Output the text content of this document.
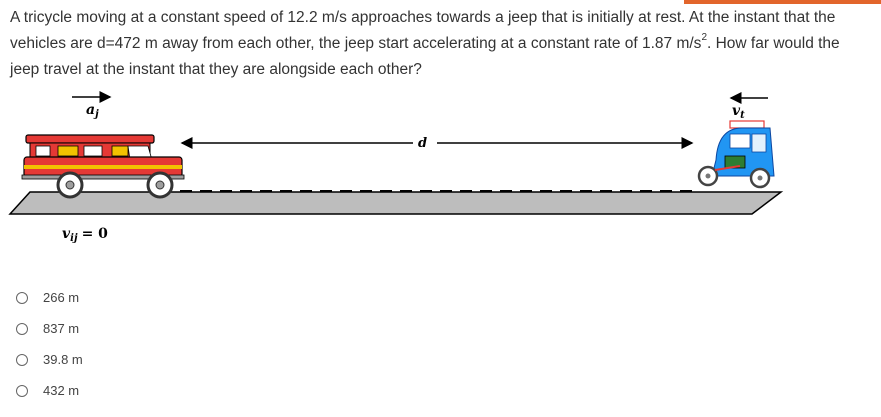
A tricycle moving at a constant speed of 12.2 m/s approaches towards a jeep that is initially at rest. At the instant that the vehicles are d=472 m away from each other, the jeep start accelerating at a constant rate of 1.87 $m/s^2$. How far would the jeep travel at the instant that they are alongside each other?
$a_j$	$v_t$
d
$v_{ij} = 0$
266 m
837 m
39.8 m
432 m
